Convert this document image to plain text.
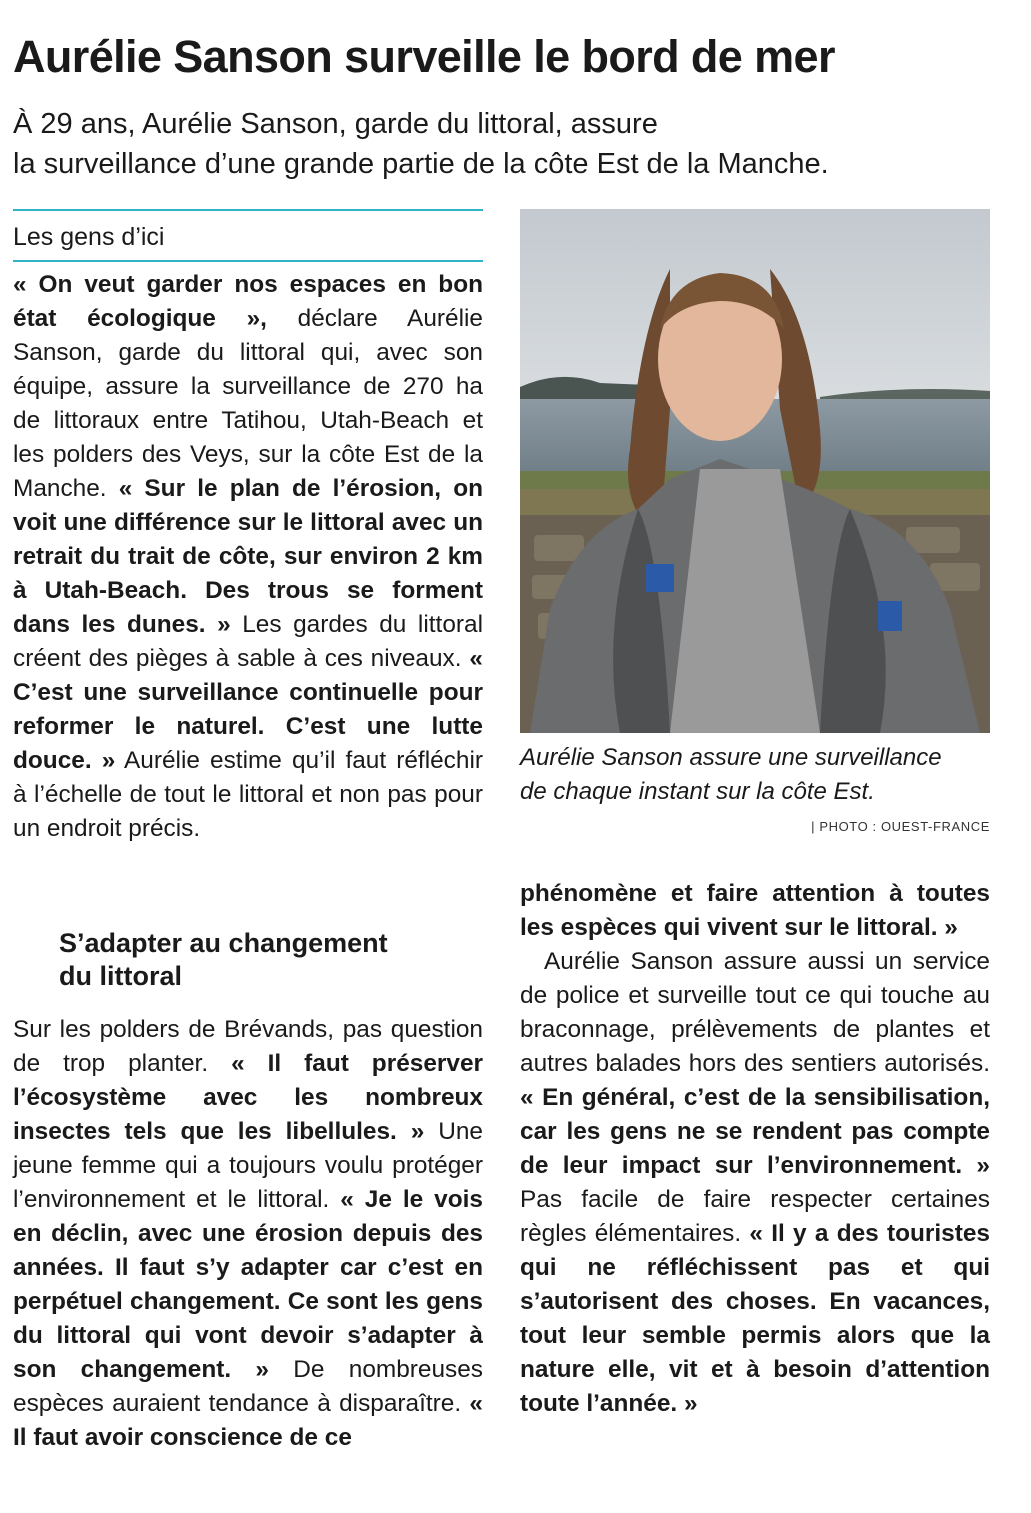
Aurélie Sanson surveille le bord de mer
À 29 ans, Aurélie Sanson, garde du littoral, assure
la surveillance d’une grande partie de la côte Est de la Manche.
Les gens d’ici

« On veut garder nos espaces en bon état écologique », déclare Aurélie Sanson, garde du littoral qui, avec son équipe, assure la surveillance de 270 ha de littoraux entre Tatihou, Utah-Beach et les polders des Veys, sur la côte Est de la Manche. « Sur le plan de l’érosion, on voit une différence sur le littoral avec un retrait du trait de côte, sur environ 2 km à Utah-Beach. Des trous se forment dans les dunes. » Les gardes du littoral créent des pièges à sable à ces niveaux. « C’est une surveillance continuelle pour reformer le naturel. C’est une lutte douce. » Aurélie estime qu’il faut réfléchir à l’échelle de tout le littoral et non pas pour un endroit précis.

S’adapter au changement
du littoral

Sur les polders de Brévands, pas question de trop planter. « Il faut préserver l’écosystème avec les nombreux insectes tels que les libellules. » Une jeune femme qui a toujours voulu protéger l’environnement et le littoral. « Je le vois en déclin, avec une érosion depuis des années. Il faut s’y adapter car c’est en perpétuel changement. Ce sont les gens du littoral qui vont devoir s’adapter à son changement. » De nombreuses espèces auraient tendance à disparaître. « Il faut avoir conscience de ce

Aurélie Sanson assure une surveillance
de chaque instant sur la côte Est.
| PHOTO : OUEST-FRANCE

phénomène et faire attention à toutes les espèces qui vivent sur le littoral. »

Aurélie Sanson assure aussi un service de police et surveille tout ce qui touche au braconnage, prélèvements de plantes et autres balades hors des sentiers autorisés. « En général, c’est de la sensibilisation, car les gens ne se rendent pas compte de leur impact sur l’environnement. » Pas facile de faire respecter certaines règles élémentaires. « Il y a des touristes qui ne réfléchissent pas et qui s’autorisent des choses. En vacances, tout leur semble permis alors que la nature elle, vit et à besoin d’attention toute l’année. »
